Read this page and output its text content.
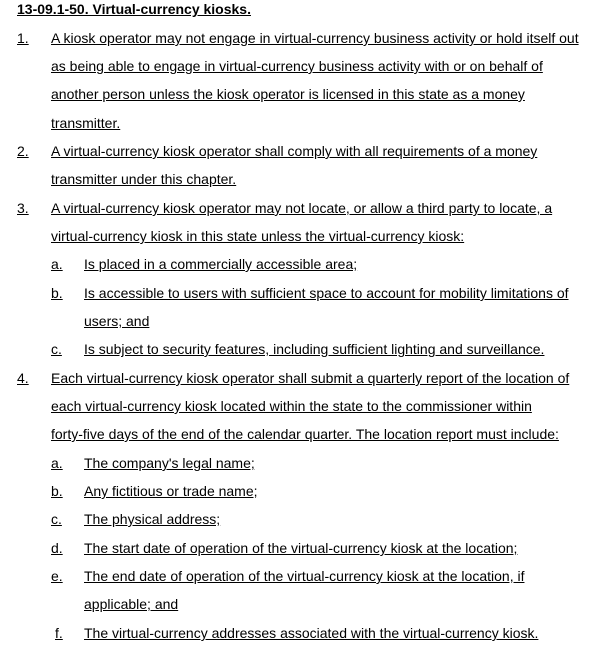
13-09.1-50. Virtual-currency kiosks.
1. A kiosk operator may not engage in virtual-currency business activity or hold itself out
as being able to engage in virtual-currency business activity with or on behalf of
another person unless the kiosk operator is licensed in this state as a money
transmitter.
2. A virtual-currency kiosk operator shall comply with all requirements of a money
transmitter under this chapter.
3. A virtual-currency kiosk operator may not locate, or allow a third party to locate, a
virtual-currency kiosk in this state unless the virtual-currency kiosk:
a. Is placed in a commercially accessible area;
b. Is accessible to users with sufficient space to account for mobility limitations of
users; and
c. Is subject to security features, including sufficient lighting and surveillance.
4. Each virtual-currency kiosk operator shall submit a quarterly report of the location of
each virtual-currency kiosk located within the state to the commissioner within
forty-five days of the end of the calendar quarter. The location report must include:
a. The company's legal name;
b. Any fictitious or trade name;
c. The physical address;
d. The start date of operation of the virtual-currency kiosk at the location;
e. The end date of operation of the virtual-currency kiosk at the location, if
applicable; and
f. The virtual-currency addresses associated with the virtual-currency kiosk.
